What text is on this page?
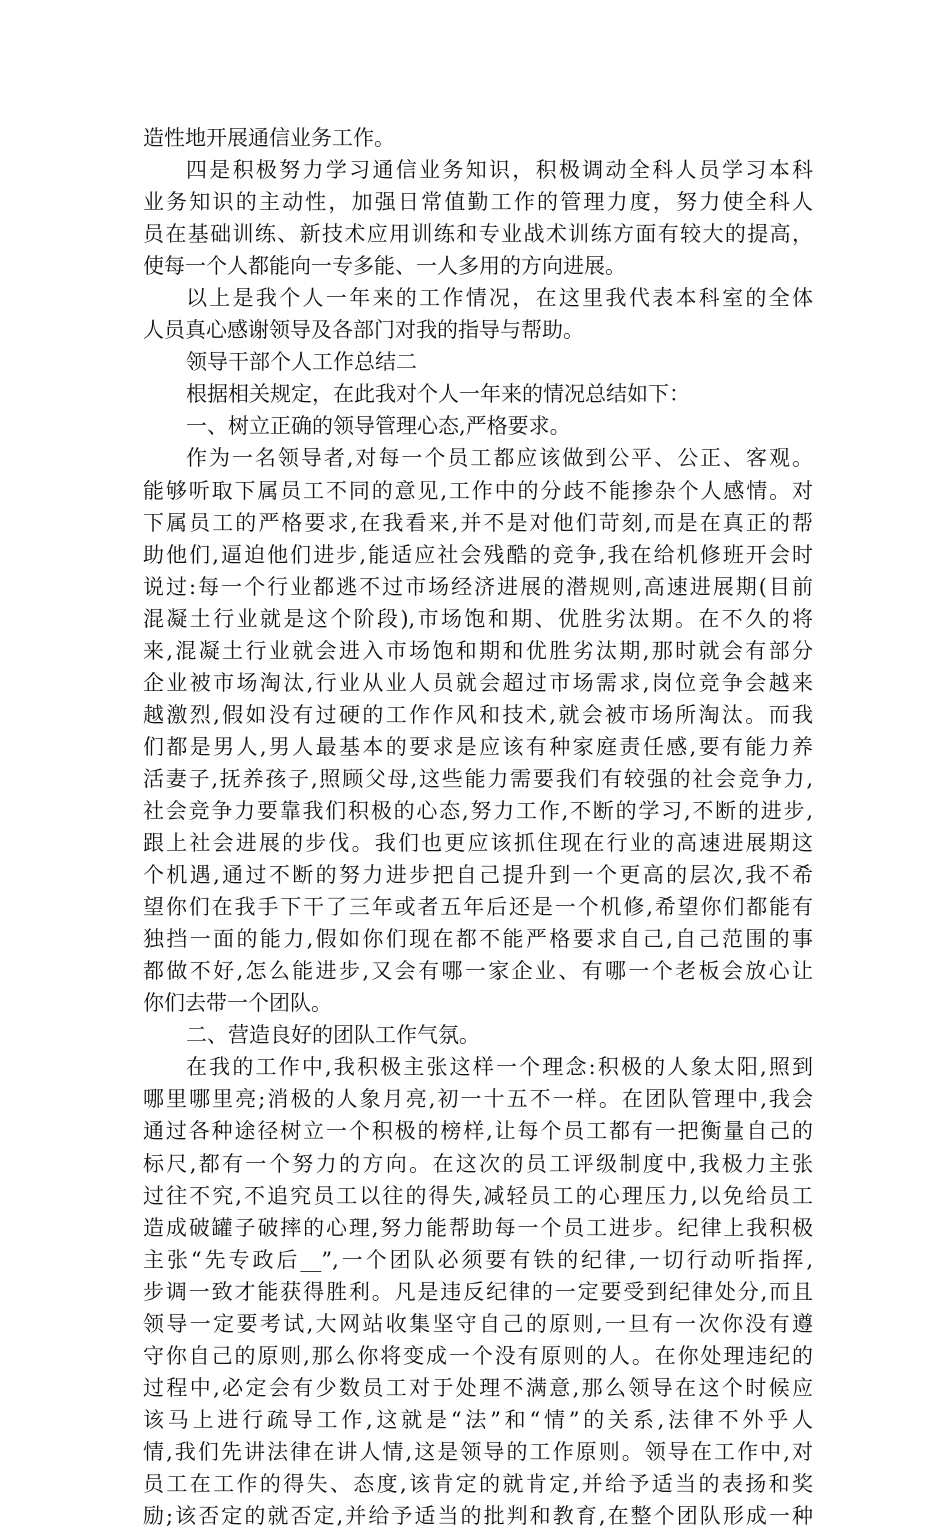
造性地开展通信业务工作。
四是积极努力学习通信业务知识，积极调动全科人员学习本科
业务知识的主动性，加强日常值勤工作的管理力度，努力使全科人
员在基础训练、新技术应用训练和专业战术训练方面有较大的提高，
使每一个人都能向一专多能、一人多用的方向进展。
以上是我个人一年来的工作情况，在这里我代表本科室的全体
人员真心感谢领导及各部门对我的指导与帮助。
领导干部个人工作总结二
根据相关规定，在此我对个人一年来的情况总结如下：
一、树立正确的领导管理心态,严格要求。
作为一名领导者,对每一个员工都应该做到公平、公正、客观。
能够听取下属员工不同的意见,工作中的分歧不能掺杂个人感情。对
下属员工的严格要求,在我看来,并不是对他们苛刻,而是在真正的帮
助他们,逼迫他们进步,能适应社会残酷的竞争,我在给机修班开会时
说过:每一个行业都逃不过市场经济进展的潜规则,高速进展期(目前
混凝土行业就是这个阶段),市场饱和期、优胜劣汰期。在不久的将
来,混凝土行业就会进入市场饱和期和优胜劣汰期,那时就会有部分
企业被市场淘汰,行业从业人员就会超过市场需求,岗位竞争会越来
越激烈,假如没有过硬的工作作风和技术,就会被市场所淘汰。而我
们都是男人,男人最基本的要求是应该有种家庭责任感,要有能力养
活妻子,抚养孩子,照顾父母,这些能力需要我们有较强的社会竞争力,
社会竞争力要靠我们积极的心态,努力工作,不断的学习,不断的进步,
跟上社会进展的步伐。我们也更应该抓住现在行业的高速进展期这
个机遇,通过不断的努力进步把自己提升到一个更高的层次,我不希
望你们在我手下干了三年或者五年后还是一个机修,希望你们都能有
独挡一面的能力,假如你们现在都不能严格要求自己,自己范围的事
都做不好,怎么能进步,又会有哪一家企业、有哪一个老板会放心让
你们去带一个团队。
二、营造良好的团队工作气氛。
在我的工作中,我积极主张这样一个理念:积极的人象太阳,照到
哪里哪里亮;消极的人象月亮,初一十五不一样。在团队管理中,我会
通过各种途径树立一个积极的榜样,让每个员工都有一把衡量自己的
标尺,都有一个努力的方向。在这次的员工评级制度中,我极力主张
过往不究,不追究员工以往的得失,减轻员工的心理压力,以免给员工
造成破罐子破摔的心理,努力能帮助每一个员工进步。纪律上我积极
主张“先专政后__”,一个团队必须要有铁的纪律,一切行动听指挥,
步调一致才能获得胜利。凡是违反纪律的一定要受到纪律处分,而且
领导一定要考试,大网站收集坚守自己的原则,一旦有一次你没有遵
守你自己的原则,那么你将变成一个没有原则的人。在你处理违纪的
过程中,必定会有少数员工对于处理不满意,那么领导在这个时候应
该马上进行疏导工作,这就是“法”和“情”的关系,法律不外乎人
情,我们先讲法律在讲人情,这是领导的工作原则。领导在工作中,对
员工在工作的得失、态度,该肯定的就肯定,并给予适当的表扬和奖
励;该否定的就否定,并给予适当的批判和教育,在整个团队形成一种
